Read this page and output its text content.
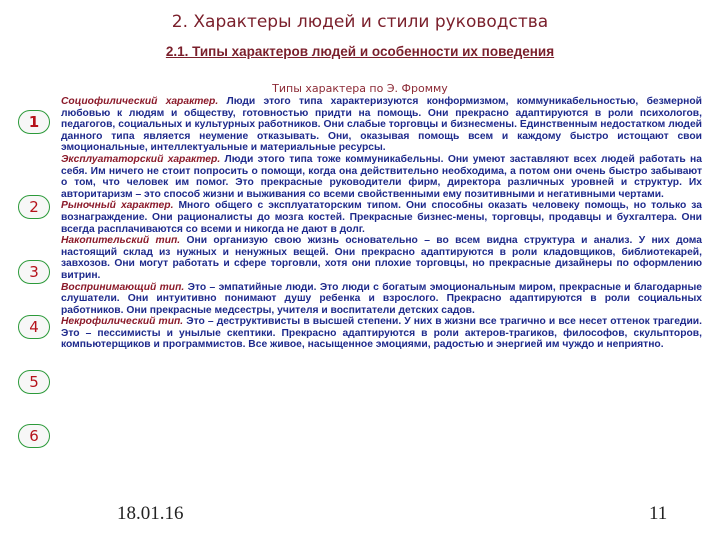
2. Характеры людей и стили руководства
2.1. Типы характеров людей и особенности их поведения
Типы характера по Э. Фромму
1
2
3
4
5
6

Социофилический характер. Люди этого типа характеризуются конформизмом, коммуникабельностью, безмерной любовью к людям и обществу, готовностью придти на помощь. Они прекрасно адаптируются в роли психологов, педагогов, социальных и культурных работников. Они слабые торговцы и бизнесмены. Единственным недостатком людей данного типа является неумение отказывать. Они, оказывая помощь всем и каждому быстро истощают свои эмоциональные, интеллектуальные и материальные ресурсы.

Эксплуататорский характер. Люди этого типа тоже коммуникабельны. Они умеют заставляют всех людей работать на себя. Им ничего не стоит попросить о помощи, когда она действительно необходима, а потом они очень быстро забывают о том, что человек им помог. Это прекрасные руководители фирм, директора различных уровней и структур. Их авторитаризм – это способ жизни и выживания со всеми свойственными ему позитивными и негативными чертами.

Рыночный характер. Много общего с эксплуататорским типом. Они способны оказать человеку помощь, но только за вознаграждение. Они рационалисты до мозга костей. Прекрасные бизнес-мены, торговцы, продавцы и бухгалтера. Они всегда расплачиваются со всеми и никогда не дают в долг.

Накопительский тип. Они организую свою жизнь основательно – во всем видна структура и анализ. У них дома настоящий склад из нужных и ненужных вещей. Они прекрасно адаптируются в роли кладовщиков, библиотекарей, завхозов. Они могут работать и сфере торговли, хотя они плохие торговцы, но прекрасные дизайнеры по оформлению витрин.

Воспринимающий тип. Это – эмпатийные люди. Это люди с богатым эмоциональным миром, прекрасные и благодарные слушатели. Они интуитивно понимают душу ребенка и взрослого. Прекрасно адаптируются в роли социальных работников. Они прекрасные медсестры, учителя и воспитатели детских садов.

Некрофилический тип. Это – деструктивисты в высшей степени. У них в жизни все трагично и все несет оттенок трагедии. Это – пессимисты и унылые скептики. Прекрасно адаптируются в роли актеров-трагиков, философов, скульпторов, компьютерщиков и программистов. Все живое, насыщенное эмоциями, радостью и энергией им чуждо и неприятно.

18.01.16	11
